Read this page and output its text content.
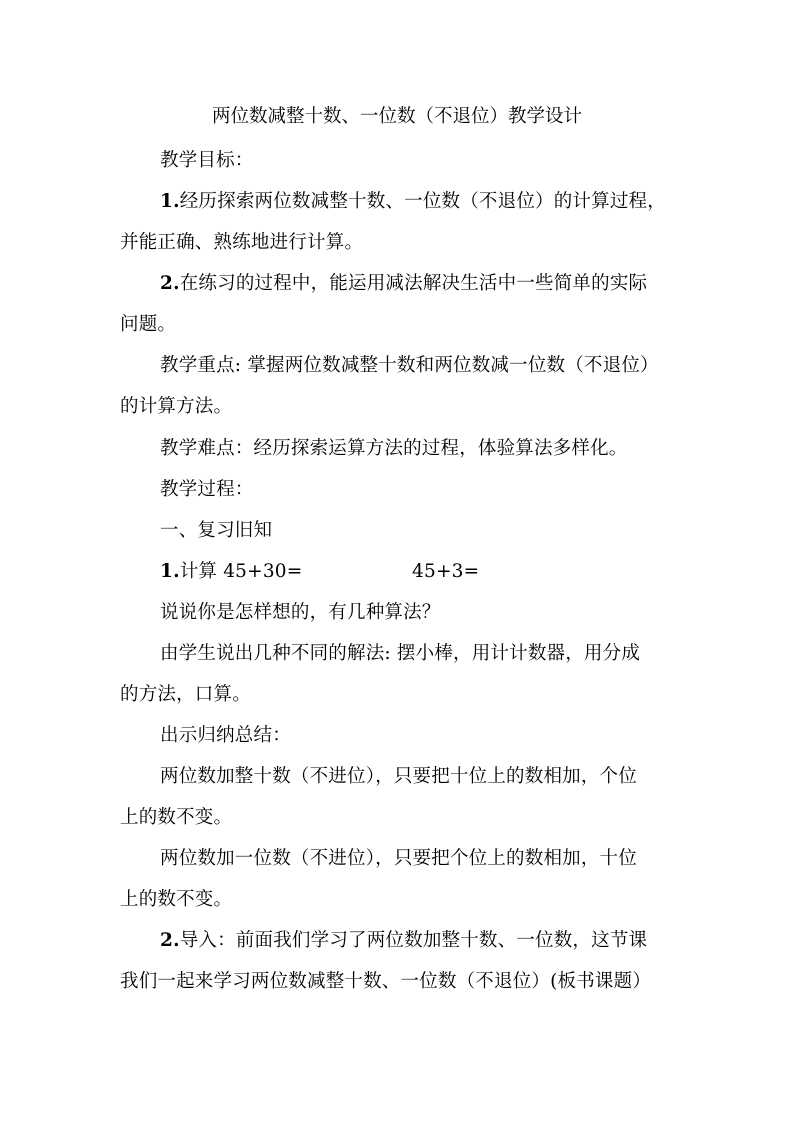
两位数减整十数、一位数（不退位）教学设计
教学目标：
1.经历探索两位数减整十数、一位数（不退位）的计算过程，
并能正确、熟练地进行计算。
2.在练习的过程中，能运用减法解决生活中一些简单的实际
问题。
教学重点: 掌握两位数减整十数和两位数减一位数（不退位）
的计算方法。
教学难点：经历探索运算方法的过程，体验算法多样化。
教学过程：
一、复习旧知
1.计算 45+30=	45+3=
说说你是怎样想的，有几种算法？
由学生说出几种不同的解法: 摆小棒，用计计数器，用分成
的方法，口算。
出示归纳总结：
两位数加整十数（不进位），只要把十位上的数相加，个位
上的数不变。
两位数加一位数（不进位），只要把个位上的数相加，十位
上的数不变。
2.导入：前面我们学习了两位数加整十数、一位数，这节课
我们一起来学习两位数减整十数、一位数（不退位）(板书课题）
